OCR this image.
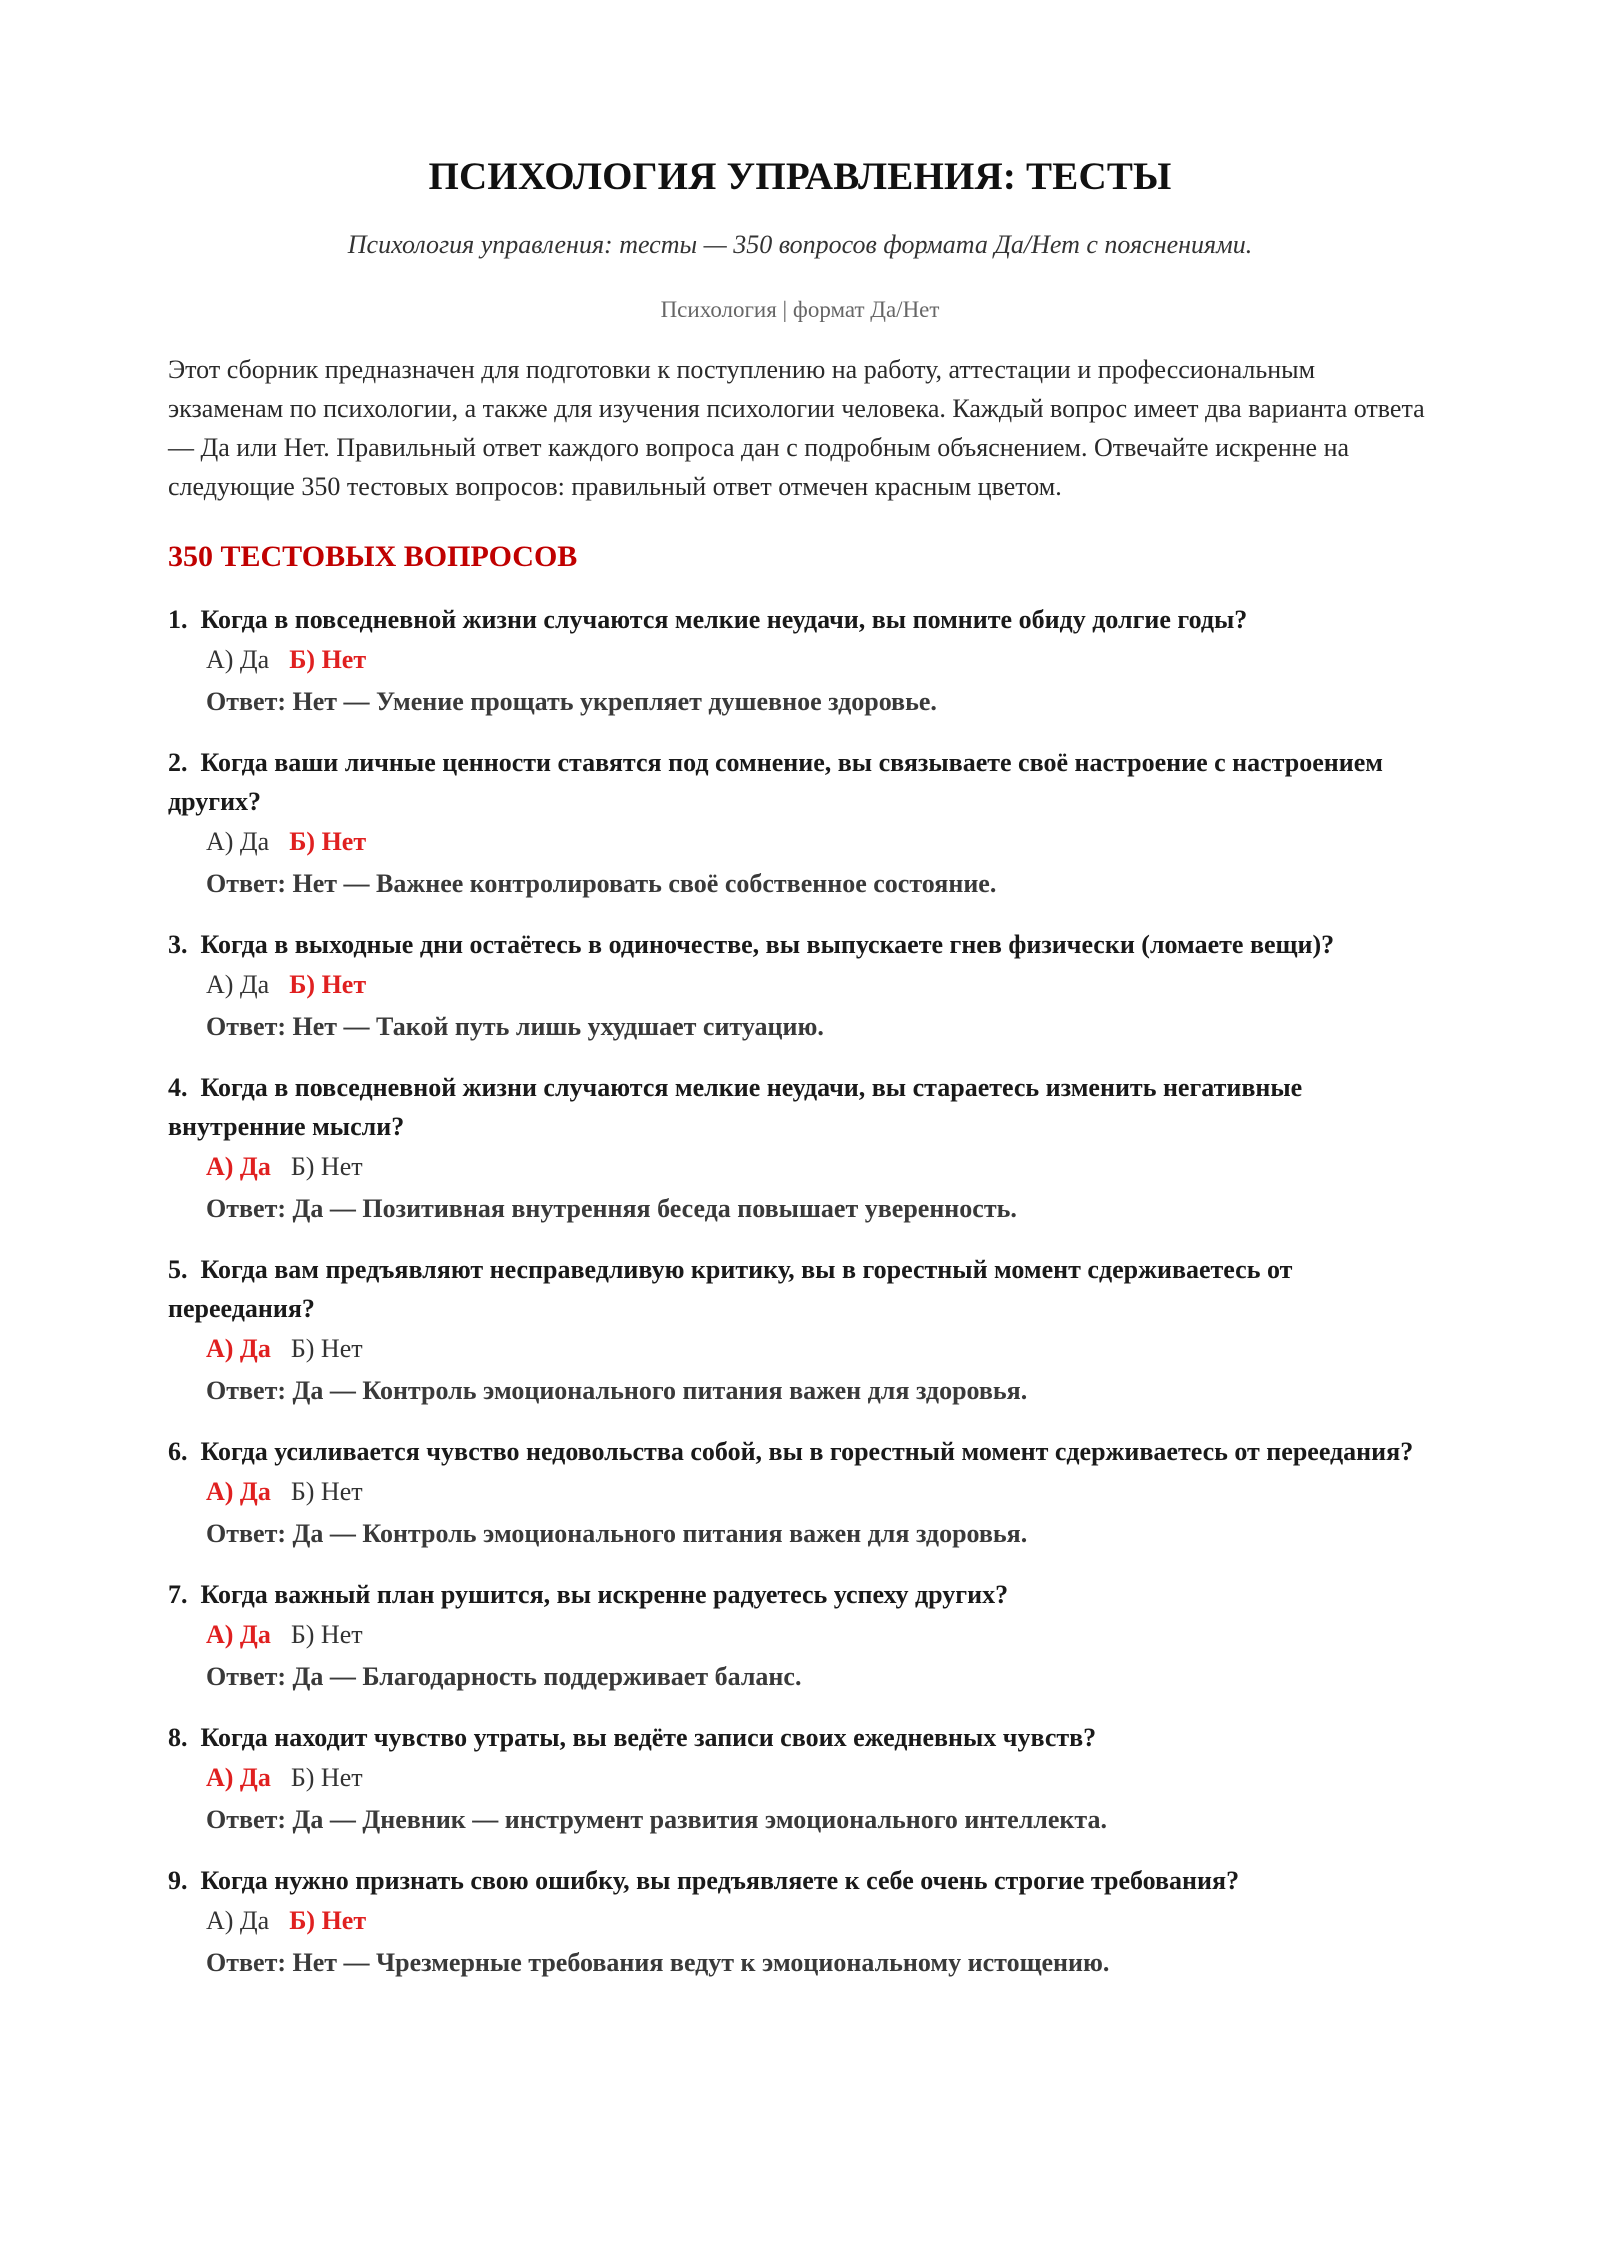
ПСИХОЛОГИЯ УПРАВЛЕНИЯ: ТЕСТЫ
Психология управления: тесты — 350 вопросов формата Да/Нет с пояснениями.
Психология | формат Да/Нет
Этот сборник предназначен для подготовки к поступлению на работу, аттестации и профессиональным экзаменам по психологии, а также для изучения психологии человека. Каждый вопрос имеет два варианта ответа — Да или Нет. Правильный ответ каждого вопроса дан с подробным объяснением. Отвечайте искренне на следующие 350 тестовых вопросов: правильный ответ отмечен красным цветом.
350 ТЕСТОВЫХ ВОПРОСОВ
1. Когда в повседневной жизни случаются мелкие неудачи, вы помните обиду долгие годы?
А) Да Б) Нет
Ответ: Нет — Умение прощать укрепляет душевное здоровье.
2. Когда ваши личные ценности ставятся под сомнение, вы связываете своё настроение с настроением других?
А) Да Б) Нет
Ответ: Нет — Важнее контролировать своё собственное состояние.
3. Когда в выходные дни остаётесь в одиночестве, вы выпускаете гнев физически (ломаете вещи)?
А) Да Б) Нет
Ответ: Нет — Такой путь лишь ухудшает ситуацию.
4. Когда в повседневной жизни случаются мелкие неудачи, вы стараетесь изменить негативные внутренние мысли?
А) Да Б) Нет
Ответ: Да — Позитивная внутренняя беседа повышает уверенность.
5. Когда вам предъявляют несправедливую критику, вы в горестный момент сдерживаетесь от переедания?
А) Да Б) Нет
Ответ: Да — Контроль эмоционального питания важен для здоровья.
6. Когда усиливается чувство недовольства собой, вы в горестный момент сдерживаетесь от переедания?
А) Да Б) Нет
Ответ: Да — Контроль эмоционального питания важен для здоровья.
7. Когда важный план рушится, вы искренне радуетесь успеху других?
А) Да Б) Нет
Ответ: Да — Благодарность поддерживает баланс.
8. Когда находит чувство утраты, вы ведёте записи своих ежедневных чувств?
А) Да Б) Нет
Ответ: Да — Дневник — инструмент развития эмоционального интеллекта.
9. Когда нужно признать свою ошибку, вы предъявляете к себе очень строгие требования?
А) Да Б) Нет
Ответ: Нет — Чрезмерные требования ведут к эмоциональному истощению.
